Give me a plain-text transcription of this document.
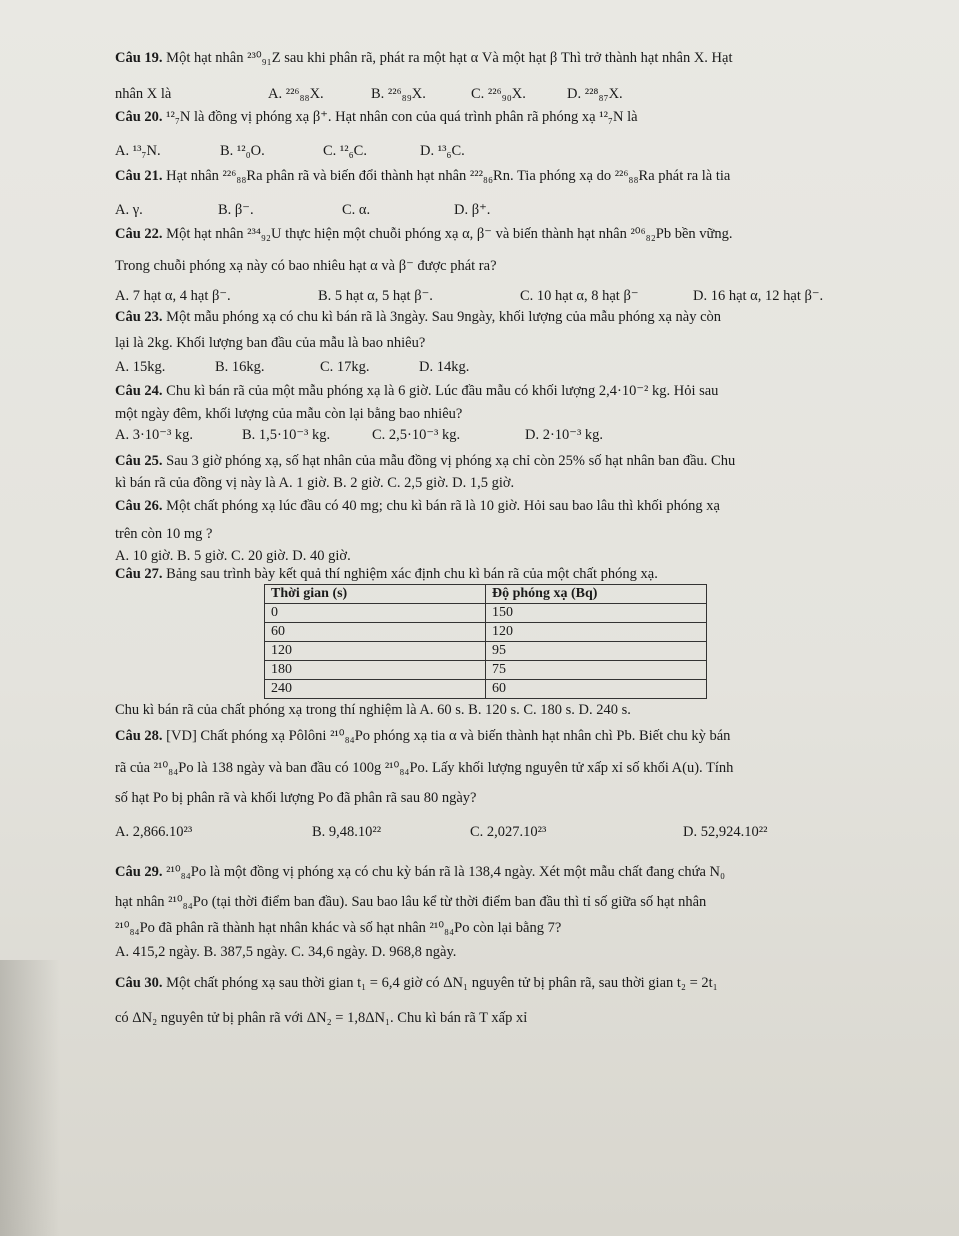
Câu 19. Một hạt nhân ²³⁰₉₁Z sau khi phân rã, phát ra một hạt α Và một hạt β Thì trở thành hạt nhân X. Hạt
nhân X là	A. ²²⁶₈₈X.	B. ²²⁶₈₉X.	C. ²²⁶₉₀X.	D. ²²⁸₈₇X.
Câu 20. ¹²₇N là đồng vị phóng xạ β⁺. Hạt nhân con của quá trình phân rã phóng xạ ¹²₇N là
A. ¹³₇N.	B. ¹²₀O.	C. ¹²₆C.	D. ¹³₆C.
Câu 21. Hạt nhân ²²⁶₈₈Ra phân rã và biến đổi thành hạt nhân ²²²₈₆Rn. Tia phóng xạ do ²²⁶₈₈Ra phát ra là tia
A. γ.	B. β⁻.	C. α.	D. β⁺.
Câu 22. Một hạt nhân ²³⁴₉₂U thực hiện một chuỗi phóng xạ α, β⁻ và biến thành hạt nhân ²⁰⁶₈₂Pb bền vững.
Trong chuỗi phóng xạ này có bao nhiêu hạt α và β⁻ được phát ra?
A. 7 hạt α, 4 hạt β⁻.	B. 5 hạt α, 5 hạt β⁻.	C. 10 hạt α, 8 hạt β⁻	D. 16 hạt α, 12 hạt β⁻.
Câu 23. Một mẫu phóng xạ có chu kì bán rã là 3ngày. Sau 9ngày, khối lượng của mẫu phóng xạ này còn
lại là 2kg. Khối lượng ban đầu của mẫu là bao nhiêu?
A. 15kg.	B. 16kg.	C. 17kg.	D. 14kg.
Câu 24. Chu kì bán rã của một mẫu phóng xạ là 6 giờ. Lúc đầu mẫu có khối lượng 2,4·10⁻² kg. Hỏi sau
một ngày đêm, khối lượng của mẫu còn lại bằng bao nhiêu?
A. 3·10⁻³ kg.	B. 1,5·10⁻³ kg.	C. 2,5·10⁻³ kg.	D. 2·10⁻³ kg.
Câu 25. Sau 3 giờ phóng xạ, số hạt nhân của mẫu đồng vị phóng xạ chỉ còn 25% số hạt nhân ban đầu. Chu
kì bán rã của đồng vị này là A. 1 giờ. B. 2 giờ. C. 2,5 giờ. D. 1,5 giờ.
Câu 26. Một chất phóng xạ lúc đầu có 40 mg; chu kì bán rã là 10 giờ. Hỏi sau bao lâu thì khối phóng xạ
trên còn 10 mg ?
A. 10 giờ. B. 5 giờ. C. 20 giờ. D. 40 giờ.
Câu 27. Bảng sau trình bày kết quả thí nghiệm xác định chu kì bán rã của một chất phóng xạ.
Thời gian (s)	Độ phóng xạ (Bq)
0	150
60	120
120	95
180	75
240	60
Chu kì bán rã của chất phóng xạ trong thí nghiệm là A. 60 s. B. 120 s. C. 180 s. D. 240 s.
Câu 28. [VD] Chất phóng xạ Pôlôni ²¹⁰₈₄Po phóng xạ tia α và biến thành hạt nhân chì Pb. Biết chu kỳ bán
rã của ²¹⁰₈₄Po là 138 ngày và ban đầu có 100g ²¹⁰₈₄Po. Lấy khối lượng nguyên tử xấp xỉ số khối A(u). Tính
số hạt Po bị phân rã và khối lượng Po đã phân rã sau 80 ngày?
A. 2,866.10²³	B. 9,48.10²²	C. 2,027.10²³	D. 52,924.10²²
Câu 29. ²¹⁰₈₄Po là một đồng vị phóng xạ có chu kỳ bán rã là 138,4 ngày. Xét một mẫu chất đang chứa N₀
hạt nhân ²¹⁰₈₄Po (tại thời điểm ban đầu). Sau bao lâu kể từ thời điểm ban đầu thì tỉ số giữa số hạt nhân
²¹⁰₈₄Po đã phân rã thành hạt nhân khác và số hạt nhân ²¹⁰₈₄Po còn lại bằng 7?
A. 415,2 ngày. B. 387,5 ngày. C. 34,6 ngày. D. 968,8 ngày.
Câu 30. Một chất phóng xạ sau thời gian t₁ = 6,4 giờ có ΔN₁ nguyên tử bị phân rã, sau thời gian t₂ = 2t₁
có ΔN₂ nguyên tử bị phân rã với ΔN₂ = 1,8ΔN₁. Chu kì bán rã T xấp xỉ
